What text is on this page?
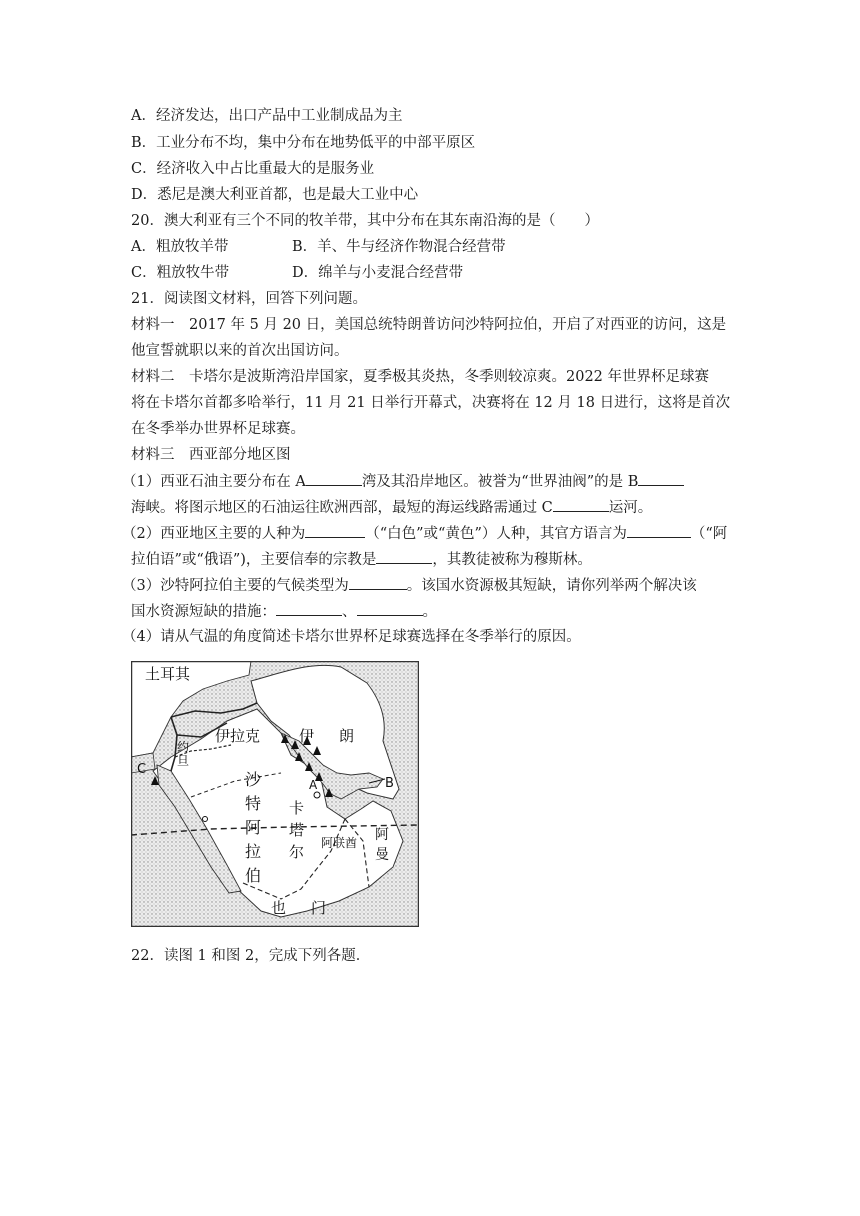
A．经济发达，出口产品中工业制成品为主
B．工业分布不均，集中分布在地势低平的中部平原区
C．经济收入中占比重最大的是服务业
D．悉尼是澳大利亚首都，也是最大工业中心
20．澳大利亚有三个不同的牧羊带，其中分布在其东南沿海的是（　　）
A．粗放牧羊带	B．羊、牛与经济作物混合经营带
C．粗放牧牛带	D．绵羊与小麦混合经营带
21．阅读图文材料，回答下列问题。
材料一　2017 年 5 月 20 日，美国总统特朗普访问沙特阿拉伯，开启了对西亚的访问，这是
他宣誓就职以来的首次出国访问。
材料二　卡塔尔是波斯湾沿岸国家，夏季极其炎热，冬季则较凉爽。2022 年世界杯足球赛
将在卡塔尔首都多哈举行，11 月 21 日举行开幕式，决赛将在 12 月 18 日进行，这将是首次
在冬季举办世界杯足球赛。
材料三　西亚部分地区图
（1）西亚石油主要分布在 A	湾及其沿岸地区。被誉为“世界油阀”的是 B
海峡。将图示地区的石油运往欧洲西部，最短的海运线路需通过 C	运河。
（2）西亚地区主要的人种为	（“白色”或“黄色”）人种，其官方语言为	（“阿
拉伯语”或“俄语”)，主要信奉的宗教是	，其教徒被称为穆斯林。
（3）沙特阿拉伯主要的气候类型为	。该国水资源极其短缺，请你列举两个解决该
国水资源短缺的措施：	、	。
（4）请从气温的角度简述卡塔尔世界杯足球赛选择在冬季举行的原因。
土耳其
伊拉克	伊 朗
约
旦
沙
特
阿
拉
伯
卡
塔
尔 阿联酋 阿
曼
也 门
A	B
C
22．读图 1 和图 2，完成下列各题．
